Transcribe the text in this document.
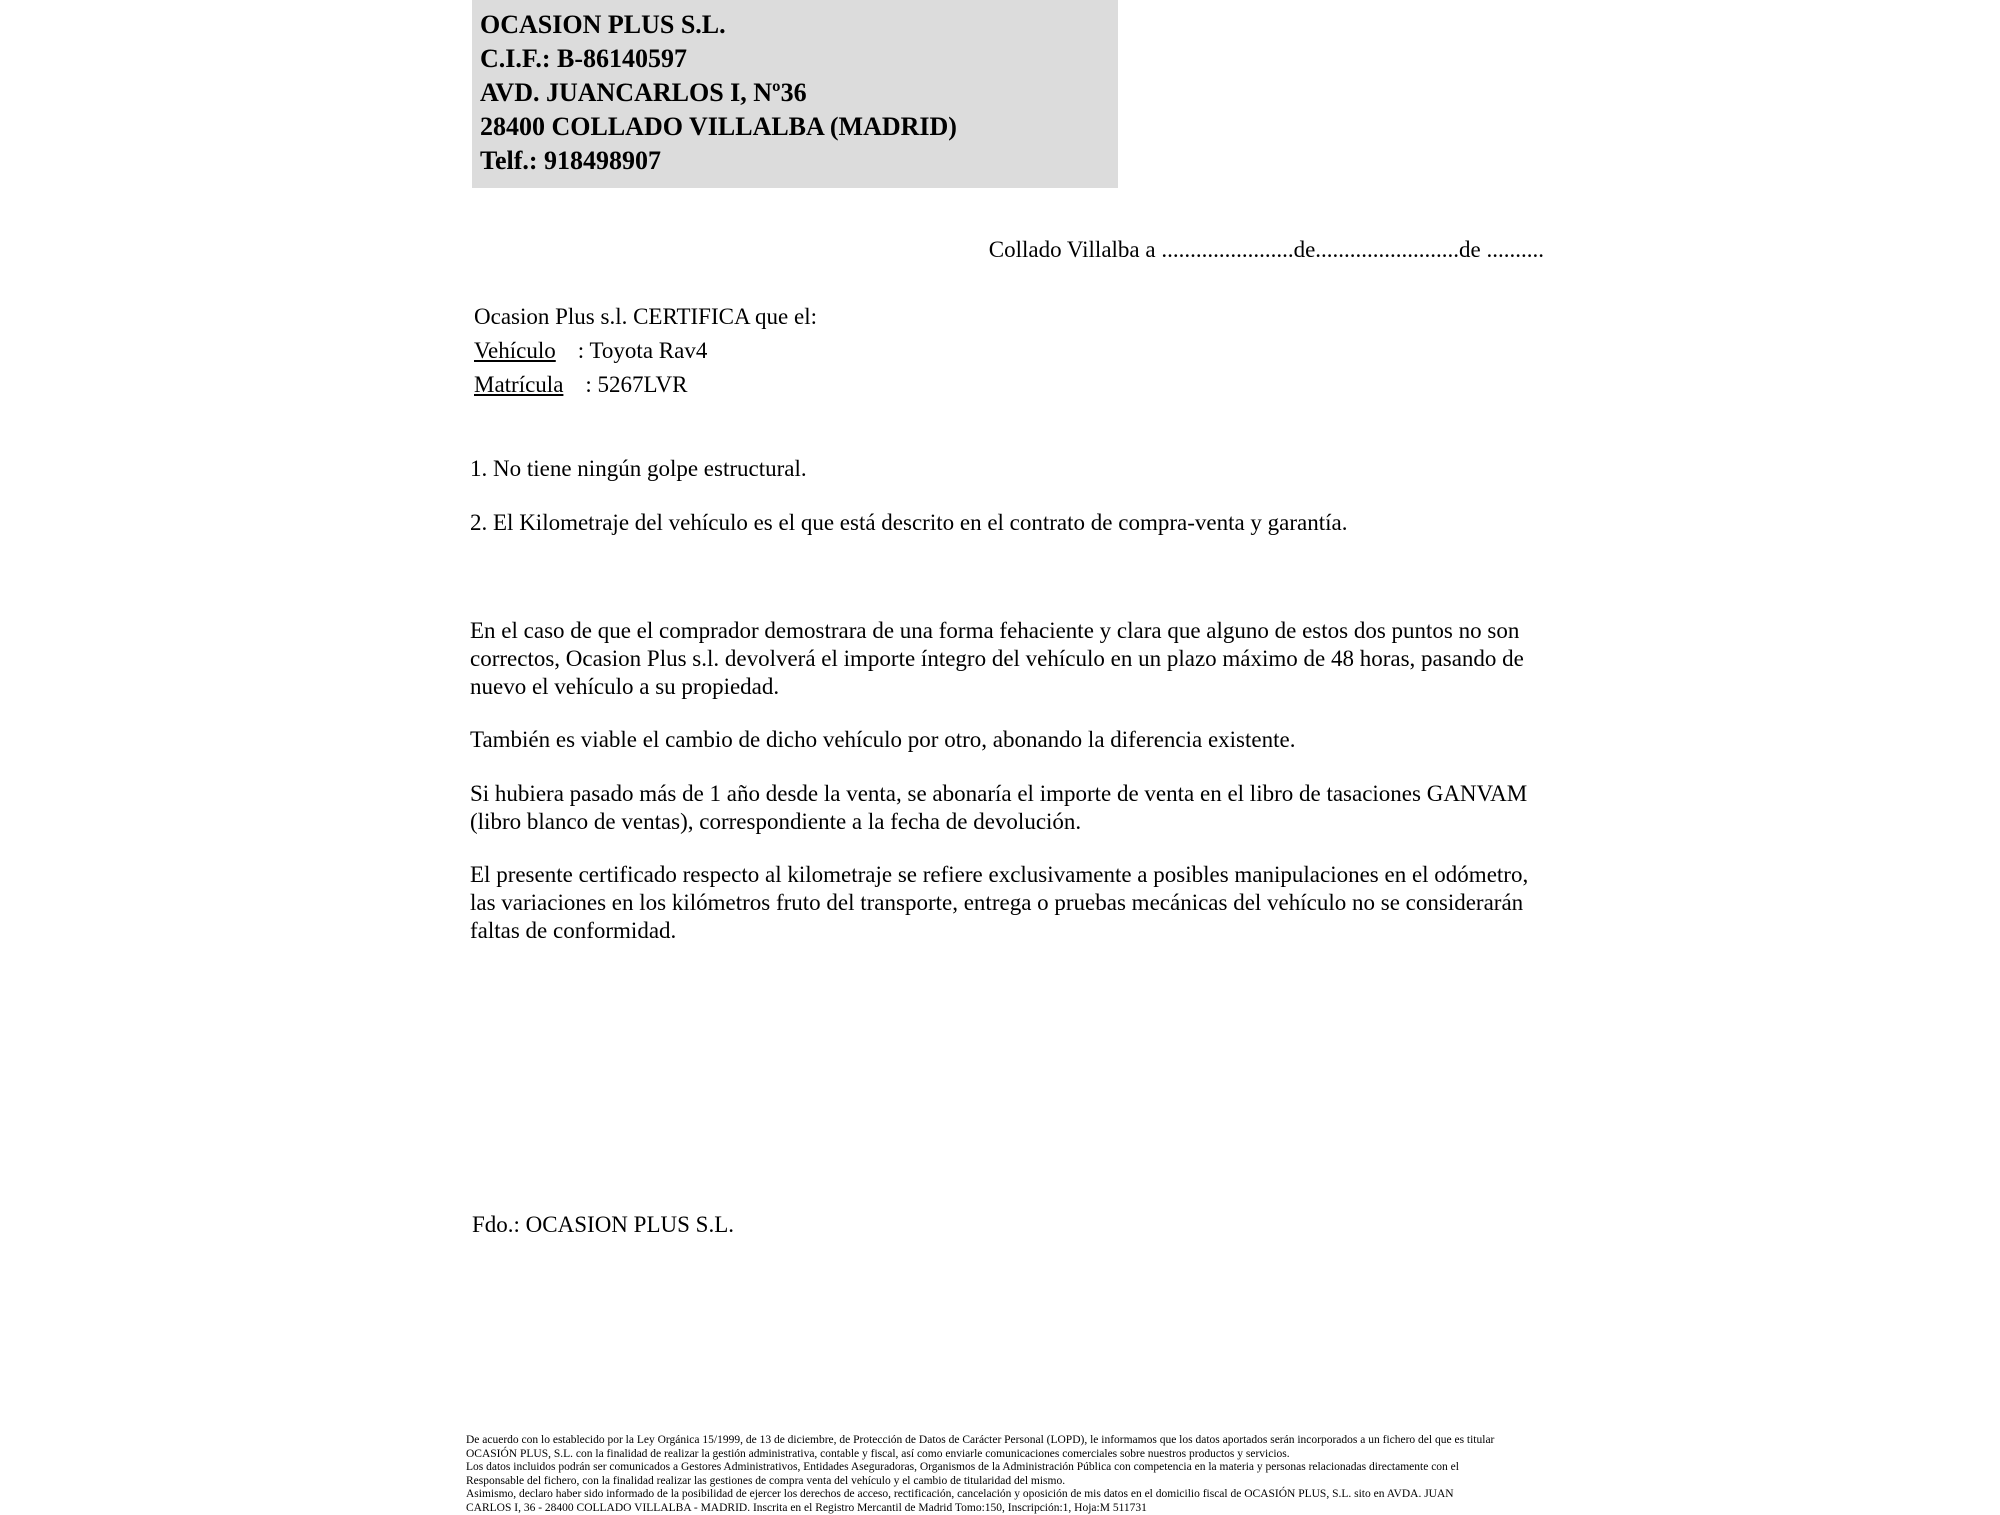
OCASION PLUS S.L.
C.I.F.: B-86140597
AVD. JUANCARLOS I, Nº36
28400 COLLADO VILLALBA (MADRID)
Telf.: 918498907
Collado Villalba a .......................de.........................de ..........
Ocasion Plus s.l. CERTIFICA que el:
Vehículo : Toyota Rav4
Matrícula : 5267LVR
1. No tiene ningún golpe estructural.
2. El Kilometraje del vehículo es el que está descrito en el contrato de compra-venta y garantía.
En el caso de que el comprador demostrara de una forma fehaciente y clara que alguno de estos dos puntos no son correctos, Ocasion Plus s.l. devolverá el importe íntegro del vehículo en un plazo máximo de 48 horas, pasando de nuevo el vehículo a su propiedad.
También es viable el cambio de dicho vehículo por otro, abonando la diferencia existente.
Si hubiera pasado más de 1 año desde la venta, se abonaría el importe de venta en el libro de tasaciones GANVAM (libro blanco de ventas), correspondiente a la fecha de devolución.
El presente certificado respecto al kilometraje se refiere exclusivamente a posibles manipulaciones en el odómetro, las variaciones en los kilómetros fruto del transporte, entrega o pruebas mecánicas del vehículo no se considerarán faltas de conformidad.
Fdo.: OCASION PLUS S.L.
De acuerdo con lo establecido por la Ley Orgánica 15/1999, de 13 de diciembre, de Protección de Datos de Carácter Personal (LOPD), le informamos que los datos aportados serán incorporados a un fichero del que es titular
OCASIÓN PLUS, S.L. con la finalidad de realizar la gestión administrativa, contable y fiscal, así como enviarle comunicaciones comerciales sobre nuestros productos y servicios.
Los datos incluidos podrán ser comunicados a Gestores Administrativos, Entidades Aseguradoras, Organismos de la Administración Pública con competencia en la materia y personas relacionadas directamente con el
Responsable del fichero, con la finalidad realizar las gestiones de compra venta del vehículo y el cambio de titularidad del mismo.
Asimismo, declaro haber sido informado de la posibilidad de ejercer los derechos de acceso, rectificación, cancelación y oposición de mis datos en el domicilio fiscal de OCASIÓN PLUS, S.L. sito en AVDA. JUAN
CARLOS I, 36 - 28400 COLLADO VILLALBA - MADRID. Inscrita en el Registro Mercantil de Madrid Tomo:150, Inscripción:1, Hoja:M 511731
